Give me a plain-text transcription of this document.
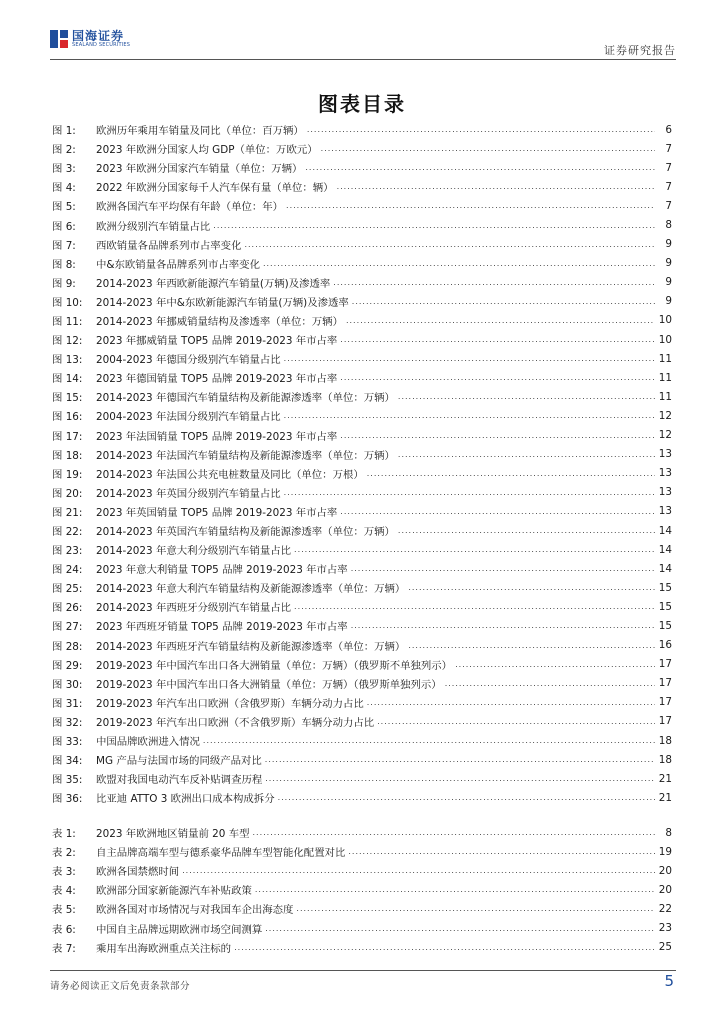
国海证券
SEALAND SECURITIES	证券研究报告
图表目录
图 1:	欧洲历年乘用车销量及同比（单位：百万辆） .....	6
图 2:	2023 年欧洲分国家人均 GDP（单位：万欧元） .....	7
图 3:	2023 年欧洲分国家汽车销量（单位：万辆） .....	7
图 4:	2022 年欧洲分国家每千人汽车保有量（单位：辆） .....	7
图 5:	欧洲各国汽车平均保有年龄（单位：年） .....	7
图 6:	欧洲分级别汽车销量占比 .....	8
图 7:	西欧销量各品牌系列市占率变化 .....	9
图 8:	中&东欧销量各品牌系列市占率变化 .....	9
图 9:	2014-2023 年西欧新能源汽车销量(万辆)及渗透率 .....	9
图 10:	2014-2023 年中&东欧新能源汽车销量(万辆)及渗透率 .....	9
图 11:	2014-2023 年挪威销量结构及渗透率（单位：万辆） .....	10
图 12:	2023 年挪威销量 TOP5 品牌 2019-2023 年市占率 .....	10
图 13:	2004-2023 年德国分级别汽车销量占比 .....	11
图 14:	2023 年德国销量 TOP5 品牌 2019-2023 年市占率 .....	11
图 15:	2014-2023 年德国汽车销量结构及新能源渗透率（单位：万辆） .....	11
图 16:	2004-2023 年法国分级别汽车销量占比 .....	12
图 17:	2023 年法国销量 TOP5 品牌 2019-2023 年市占率 .....	12
图 18:	2014-2023 年法国汽车销量结构及新能源渗透率（单位：万辆） .....	13
图 19:	2014-2023 年法国公共充电桩数量及同比（单位：万根） .....	13
图 20:	2014-2023 年英国分级别汽车销量占比 .....	13
图 21:	2023 年英国销量 TOP5 品牌 2019-2023 年市占率 .....	13
图 22:	2014-2023 年英国汽车销量结构及新能源渗透率（单位：万辆） .....	14
图 23:	2014-2023 年意大利分级别汽车销量占比 .....	14
图 24:	2023 年意大利销量 TOP5 品牌 2019-2023 年市占率 .....	14
图 25:	2014-2023 年意大利汽车销量结构及新能源渗透率（单位：万辆） .....	15
图 26:	2014-2023 年西班牙分级别汽车销量占比 .....	15
图 27:	2023 年西班牙销量 TOP5 品牌 2019-2023 年市占率 .....	15
图 28:	2014-2023 年西班牙汽车销量结构及新能源渗透率（单位：万辆） .....	16
图 29:	2019-2023 年中国汽车出口各大洲销量（单位：万辆）（俄罗斯不单独列示） .....	17
图 30:	2019-2023 年中国汽车出口各大洲销量（单位：万辆）（俄罗斯单独列示） .....	17
图 31:	2019-2023 年汽车出口欧洲（含俄罗斯）车辆分动力占比 .....	17
图 32:	2019-2023 年汽车出口欧洲（不含俄罗斯）车辆分动力占比 .....	17
图 33:	中国品牌欧洲进入情况 .....	18
图 34:	MG 产品与法国市场的同级产品对比 .....	18
图 35:	欧盟对我国电动汽车反补贴调查历程 .....	21
图 36:	比亚迪 ATTO 3 欧洲出口成本构成拆分 .....	21
表 1:	2023 年欧洲地区销量前 20 车型 .....	8
表 2:	自主品牌高端车型与德系豪华品牌车型智能化配置对比 .....	19
表 3:	欧洲各国禁燃时间 .....	20
表 4:	欧洲部分国家新能源汽车补贴政策 .....	20
表 5:	欧洲各国对市场情况与对我国车企出海态度 .....	22
表 6:	中国自主品牌远期欧洲市场空间测算 .....	23
表 7:	乘用车出海欧洲重点关注标的 .....	25
请务必阅读正文后免责条款部分	5
